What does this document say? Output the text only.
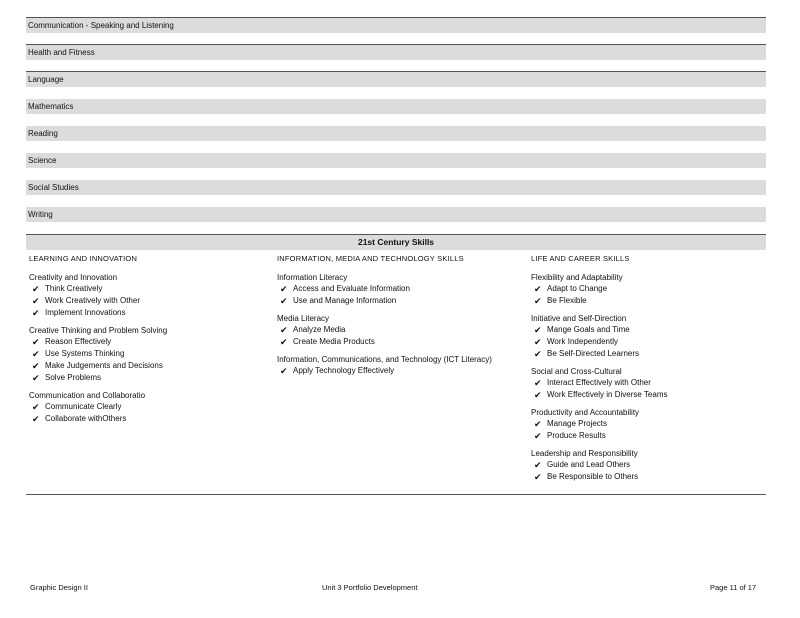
Communication - Speaking and Listening
Health and Fitness
Language
Mathematics
Reading
Science
Social Studies
Writing
21st Century Skills
LEARNING AND INNOVATION
Creativity and Innovation
✔ Think Creatively
✔ Work Creatively with Other
✔ Implement Innovations
Creative Thinking and Problem Solving
✔ Reason Effectively
✔ Use Systems Thinking
✔ Make Judgements and Decisions
✔ Solve Problems
Communication and Collaboratio
✔ Communicate Clearly
✔ Collaborate withOthers
INFORMATION, MEDIA AND TECHNOLOGY SKILLS
Information Literacy
✔ Access and Evaluate Information
✔ Use and Manage Information
Media Literacy
✔ Analyze Media
✔ Create Media Products
Information, Communications, and Technology (ICT Literacy)
✔ Apply Technology Effectively
LIFE AND CAREER SKILLS
Flexibility and Adaptability
✔ Adapt to Change
✔ Be Flexible
Initiative and Self-Direction
✔ Mange Goals and Time
✔ Work Independently
✔ Be Self-Directed Learners
Social and Cross-Cultural
✔ Interact Effectively with Other
✔ Work Effectively in Diverse Teams
Productivity and Accountability
✔ Manage Projects
✔ Produce Results
Leadership and Responsibility
✔ Guide and Lead Others
✔ Be Responsible to Others
Graphic Design II	Unit 3 Portfolio Development	Page 11 of 17
